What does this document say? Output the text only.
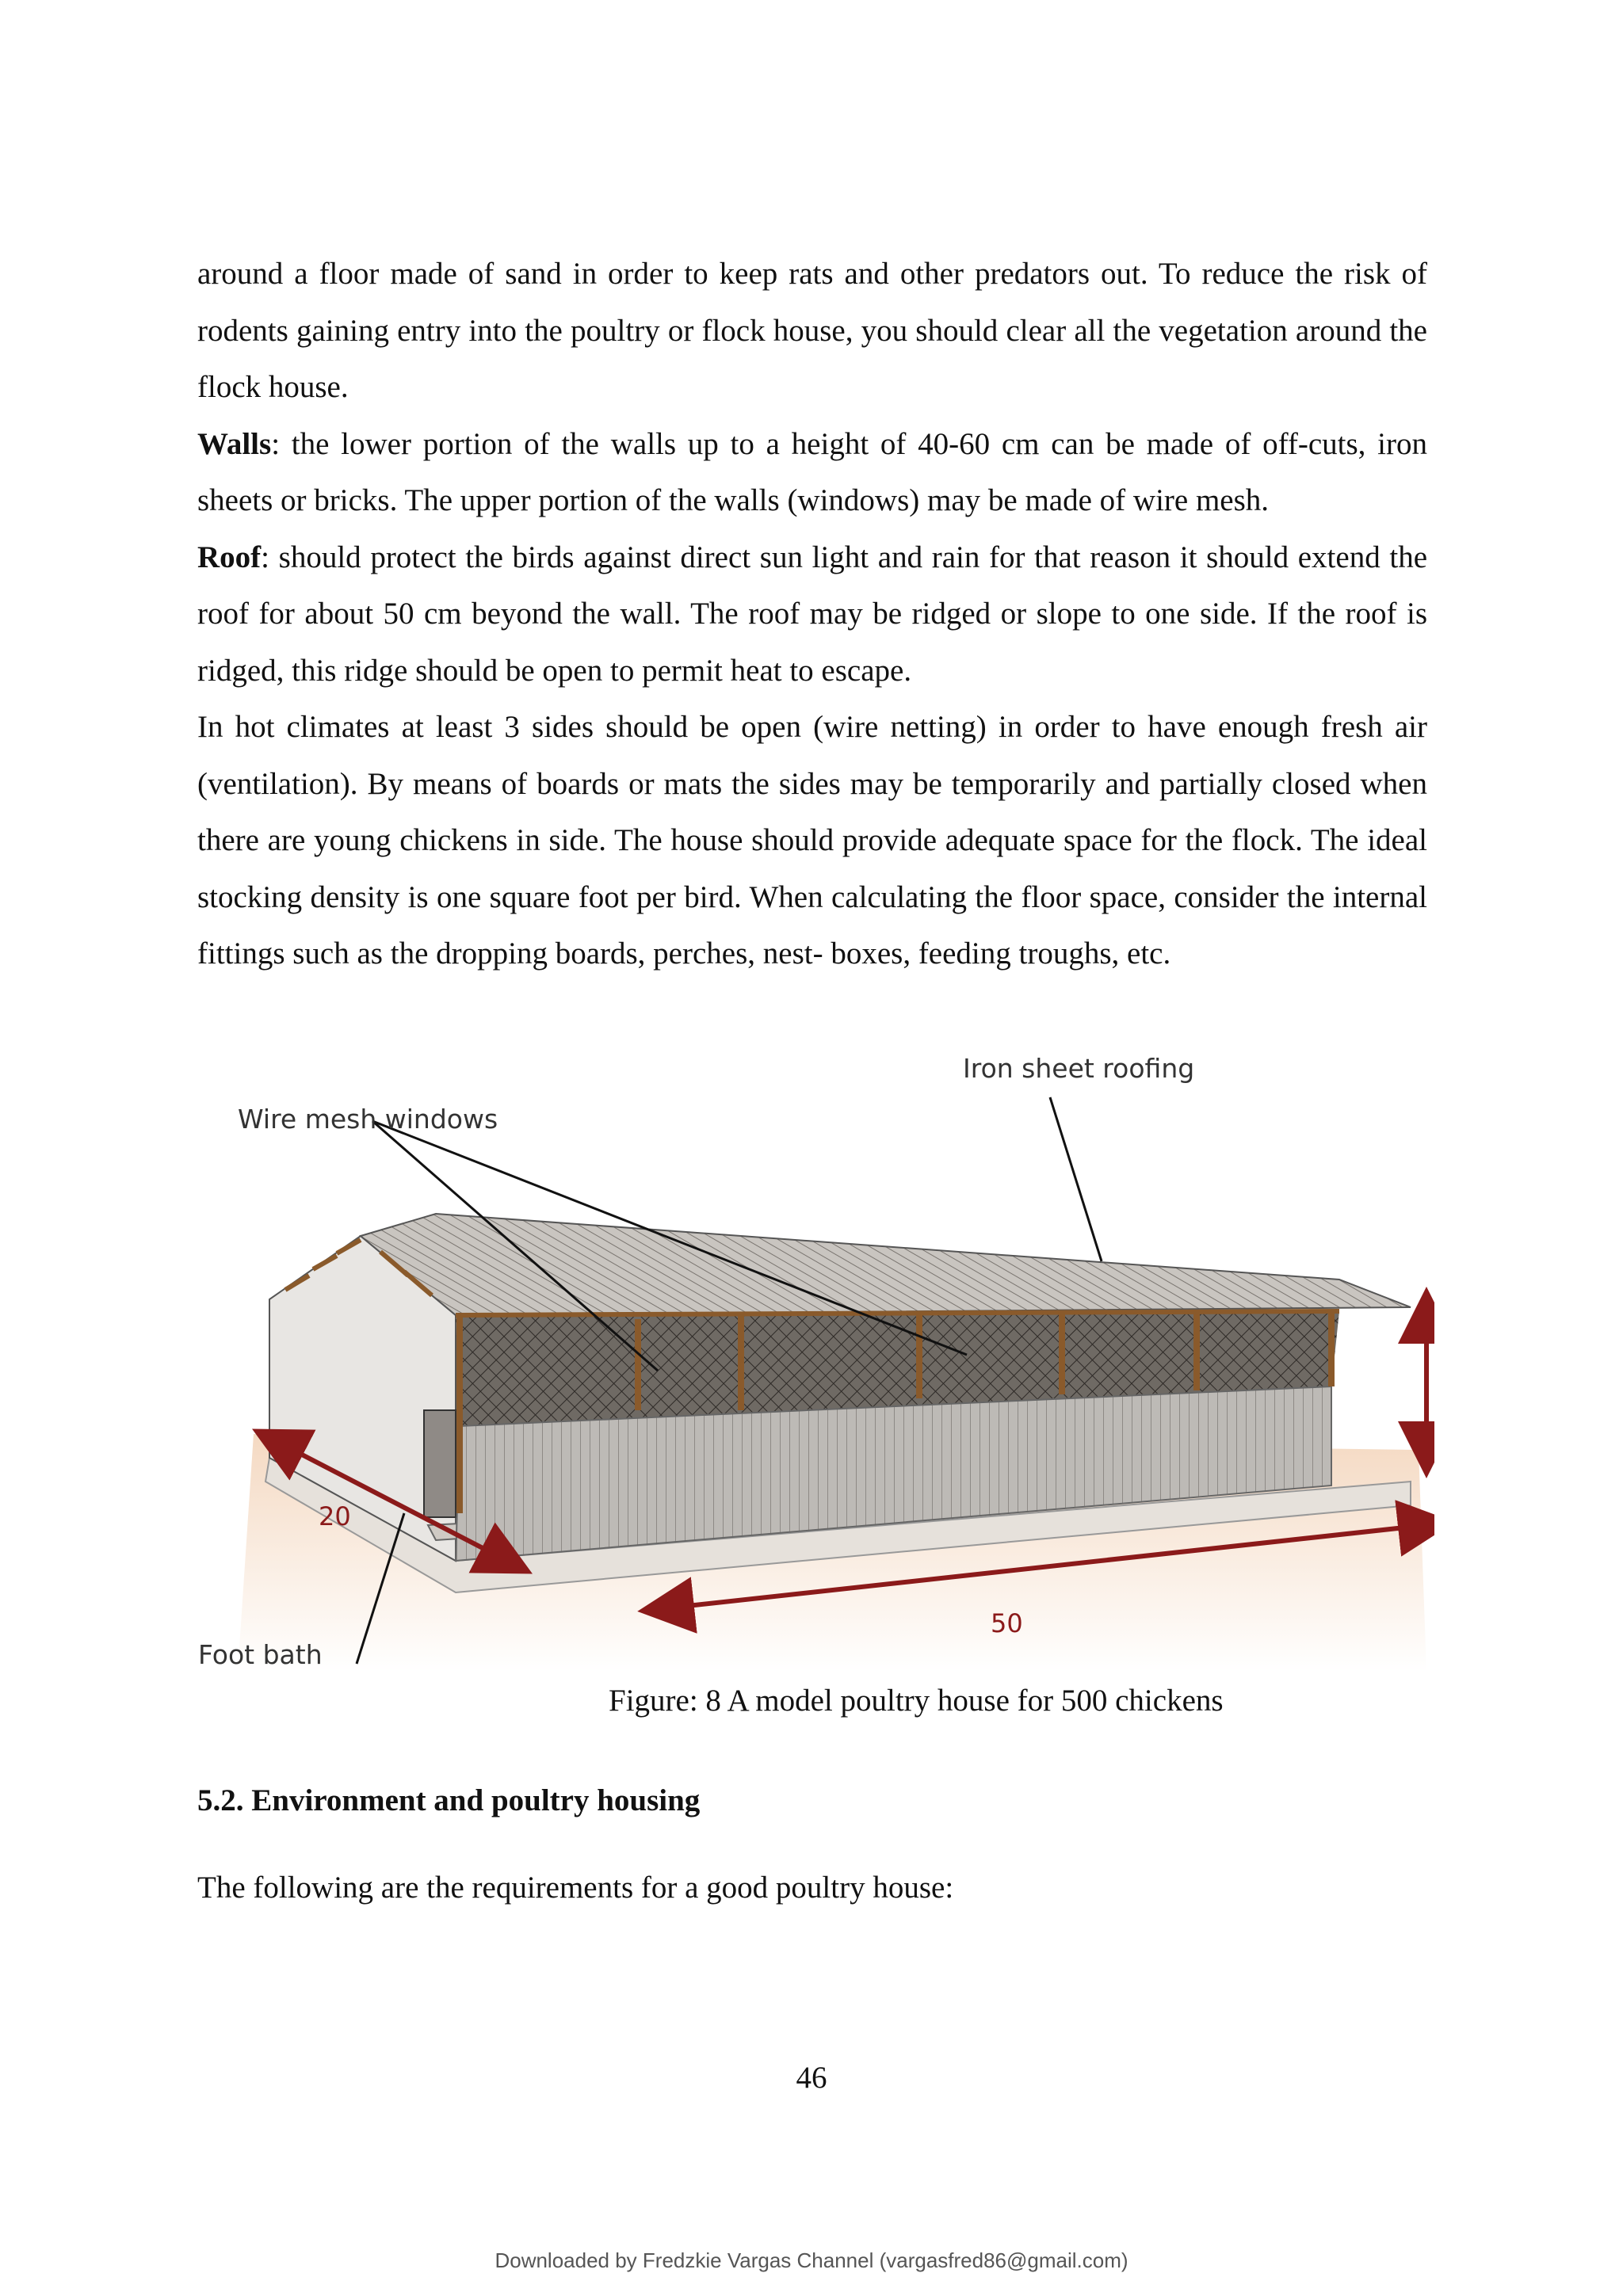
around a floor made of sand in order to keep rats and other predators out. To reduce the risk of rodents gaining entry into the poultry or flock house, you should clear all the vegetation around the flock house.

Walls: the lower portion of the walls up to a height of 40-60 cm can be made of off-cuts, iron sheets or bricks. The upper portion of the walls (windows) may be made of wire mesh.

Roof: should protect the birds against direct sun light and rain for that reason it should extend the roof for about 50 cm beyond the wall. The roof may be ridged or slope to one side. If the roof is ridged, this ridge should be open to permit heat to escape.

In hot climates at least 3 sides should be open (wire netting) in order to have enough fresh air (ventilation). By means of boards or mats the sides may be temporarily and partially closed when there are young chickens in side. The house should provide adequate space for the flock. The ideal stocking density is one square foot per bird. When calculating the floor space, consider the internal fittings such as the dropping boards, perches, nest- boxes, feeding troughs, etc.

Iron sheet roofing
Wire mesh windows
20
50
Foot bath

Figure: 8 A model poultry house for 500 chickens

5.2. Environment and poultry housing

The following are the requirements for a good poultry house:

46

Downloaded by Fredzkie Vargas Channel (vargasfred86@gmail.com)
